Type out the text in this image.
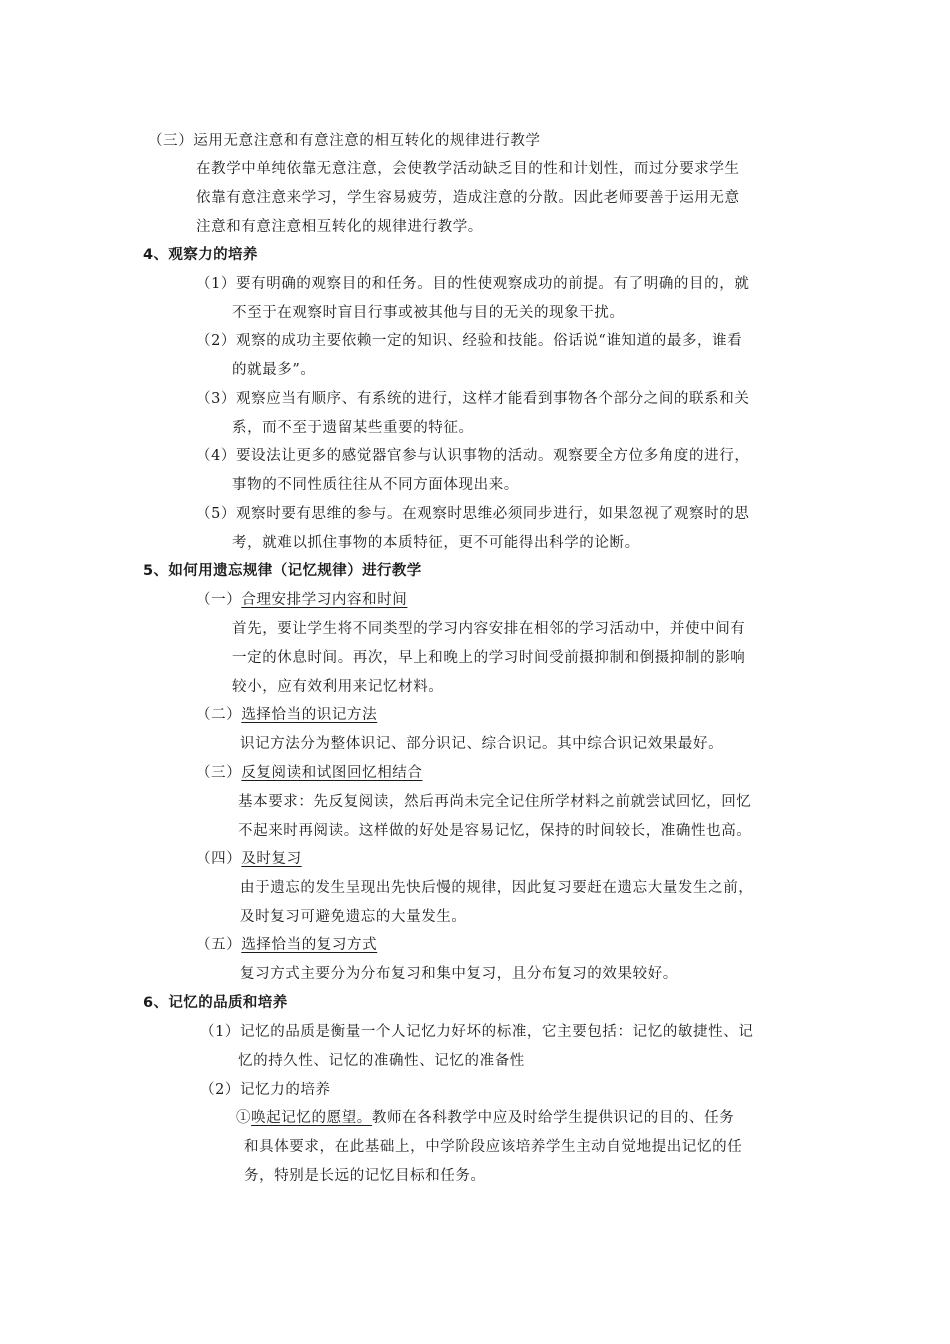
（三）运用无意注意和有意注意的相互转化的规律进行教学
在教学中单纯依靠无意注意，会使教学活动缺乏目的性和计划性，而过分要求学生
依靠有意注意来学习，学生容易疲劳，造成注意的分散。因此老师要善于运用无意
注意和有意注意相互转化的规律进行教学。
4、观察力的培养
（1）要有明确的观察目的和任务。目的性使观察成功的前提。有了明确的目的，就
不至于在观察时盲目行事或被其他与目的无关的现象干扰。
（2）观察的成功主要依赖一定的知识、经验和技能。俗话说“谁知道的最多，谁看
的就最多”。
（3）观察应当有顺序、有系统的进行，这样才能看到事物各个部分之间的联系和关
系，而不至于遗留某些重要的特征。
（4）要设法让更多的感觉器官参与认识事物的活动。观察要全方位多角度的进行，
事物的不同性质往往从不同方面体现出来。
（5）观察时要有思维的参与。在观察时思维必须同步进行，如果忽视了观察时的思
考，就难以抓住事物的本质特征，更不可能得出科学的论断。
5、如何用遗忘规律（记忆规律）进行教学
（一）合理安排学习内容和时间
首先，要让学生将不同类型的学习内容安排在相邻的学习活动中，并使中间有
一定的休息时间。再次，早上和晚上的学习时间受前摄抑制和倒摄抑制的影响
较小，应有效利用来记忆材料。
（二）选择恰当的识记方法
识记方法分为整体识记、部分识记、综合识记。其中综合识记效果最好。
（三）反复阅读和试图回忆相结合
基本要求：先反复阅读，然后再尚未完全记住所学材料之前就尝试回忆，回忆
不起来时再阅读。这样做的好处是容易记忆，保持的时间较长，准确性也高。
（四）及时复习
由于遗忘的发生呈现出先快后慢的规律，因此复习要赶在遗忘大量发生之前，
及时复习可避免遗忘的大量发生。
（五）选择恰当的复习方式
复习方式主要分为分布复习和集中复习，且分布复习的效果较好。
6、记忆的品质和培养
（1）记忆的品质是衡量一个人记忆力好坏的标准，它主要包括：记忆的敏捷性、记
忆的持久性、记忆的准确性、记忆的准备性
（2）记忆力的培养
①唤起记忆的愿望。教师在各科教学中应及时给学生提供识记的目的、任务
和具体要求，在此基础上，中学阶段应该培养学生主动自觉地提出记忆的任
务，特别是长远的记忆目标和任务。
